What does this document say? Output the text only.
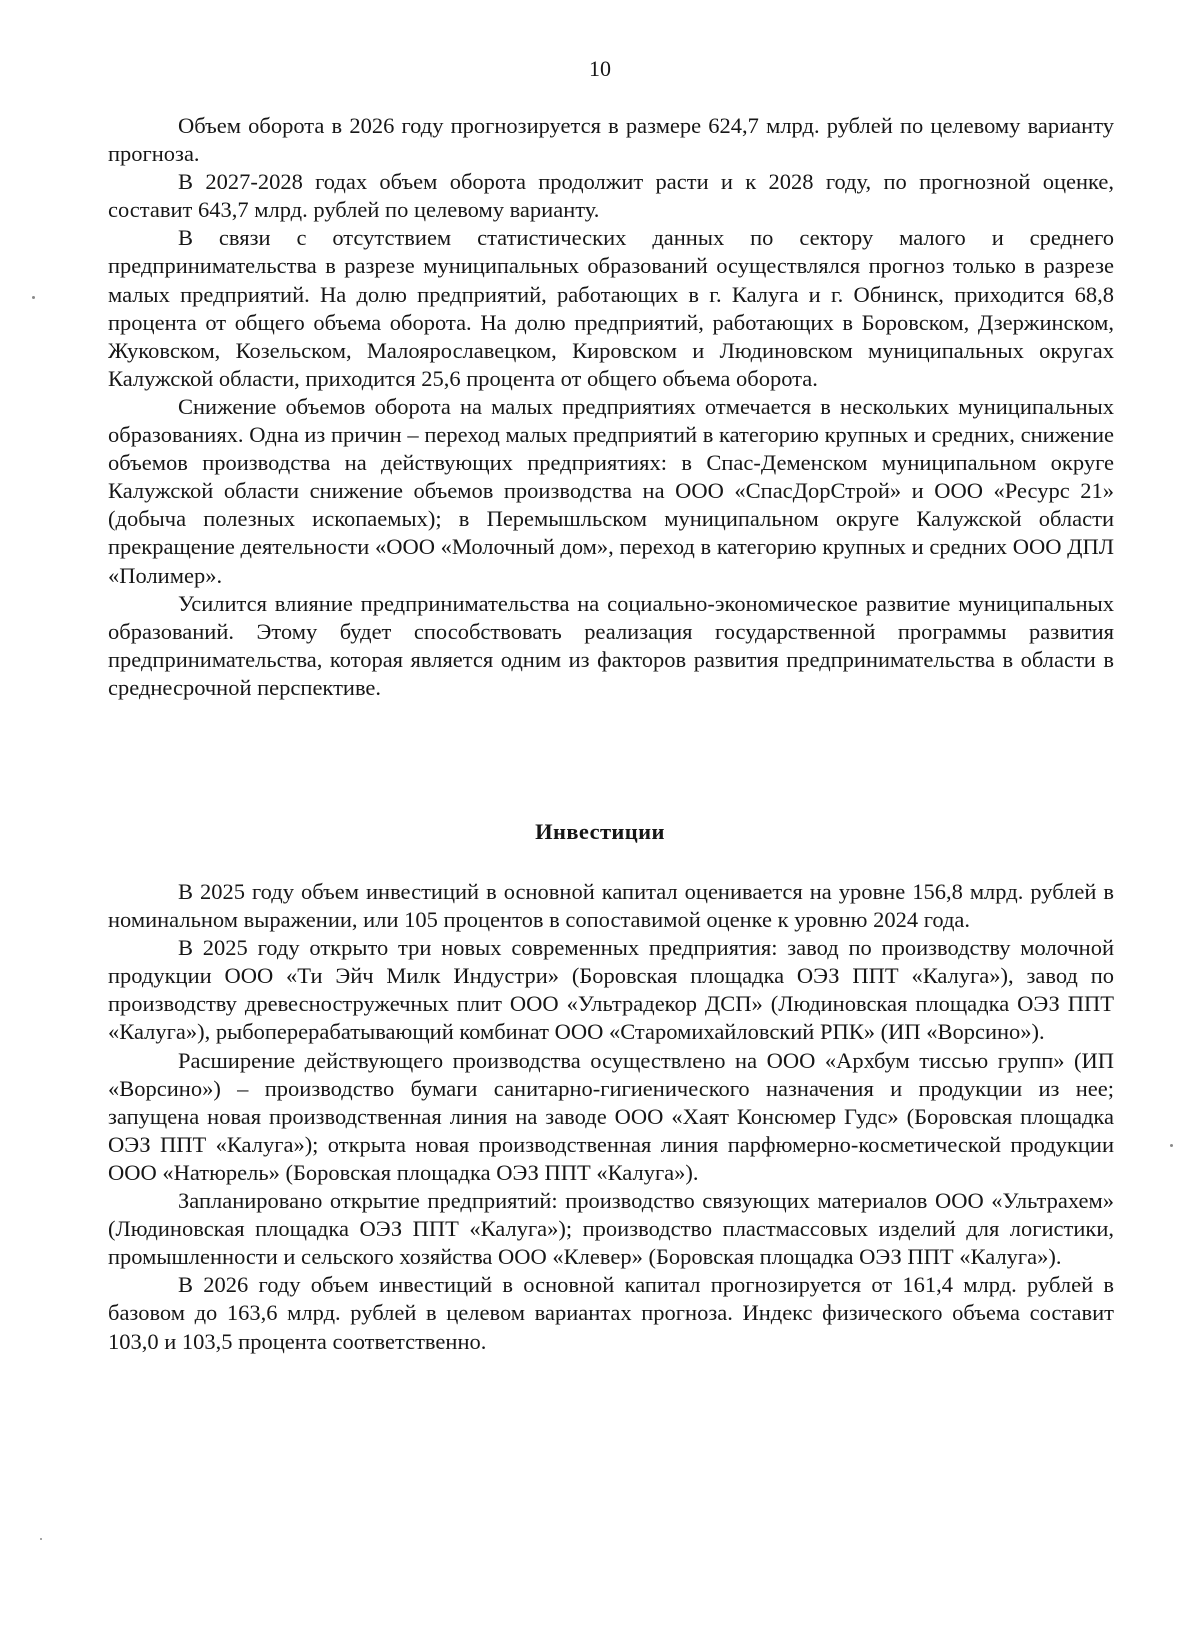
10

Объем оборота в 2026 году прогнозируется в размере 624,7 млрд. рублей по целевому варианту прогноза.

В 2027-2028 годах объем оборота продолжит расти и к 2028 году, по прогнозной оценке, составит 643,7 млрд. рублей по целевому варианту.

В связи с отсутствием статистических данных по сектору малого и среднего предпринимательства в разрезе муниципальных образований осуществлялся прогноз только в разрезе малых предприятий. На долю предприятий, работающих в г. Калуга и г. Обнинск, приходится 68,8 процента от общего объема оборота. На долю предприятий, работающих в Боровском, Дзержинском, Жуковском, Козельском, Малоярославецком, Кировском и Людиновском муниципальных округах Калужской области, приходится 25,6 процента от общего объема оборота.

Снижение объемов оборота на малых предприятиях отмечается в нескольких муниципальных образованиях. Одна из причин – переход малых предприятий в категорию крупных и средних, снижение объемов производства на действующих предприятиях: в Спас-Деменском муниципальном округе Калужской области снижение объемов производства на ООО «СпасДорСтрой» и ООО «Ресурс 21» (добыча полезных ископаемых); в Перемышльском муниципальном округе Калужской области прекращение деятельности «ООО «Молочный дом», переход в категорию крупных и средних ООО ДПЛ «Полимер».

Усилится влияние предпринимательства на социально-экономическое развитие муниципальных образований. Этому будет способствовать реализация государственной программы развития предпринимательства, которая является одним из факторов развития предпринимательства в области в среднесрочной перспективе.

Инвестиции

В 2025 году объем инвестиций в основной капитал оценивается на уровне 156,8 млрд. рублей в номинальном выражении, или 105 процентов в сопоставимой оценке к уровню 2024 года.

В 2025 году открыто три новых современных предприятия: завод по производству молочной продукции ООО «Ти Эйч Милк Индустри» (Боровская площадка ОЭЗ ППТ «Калуга»), завод по производству древесностружечных плит ООО «Ультрадекор ДСП» (Людиновская площадка ОЭЗ ППТ «Калуга»), рыбоперерабатывающий комбинат ООО «Старомихайловский РПК» (ИП «Ворсино»).

Расширение действующего производства осуществлено на ООО «Архбум тиссью групп» (ИП «Ворсино») – производство бумаги санитарно-гигиенического назначения и продукции из нее; запущена новая производственная линия на заводе ООО «Хаят Консюмер Гудс» (Боровская площадка ОЭЗ ППТ «Калуга»); открыта новая производственная линия парфюмерно-косметической продукции ООО «Натюрель» (Боровская площадка ОЭЗ ППТ «Калуга»).

Запланировано открытие предприятий: производство связующих материалов ООО «Ультрахем» (Людиновская площадка ОЭЗ ППТ «Калуга»); производство пластмассовых изделий для логистики, промышленности и сельского хозяйства ООО «Клевер» (Боровская площадка ОЭЗ ППТ «Калуга»).

В 2026 году объем инвестиций в основной капитал прогнозируется от 161,4 млрд. рублей в базовом до 163,6 млрд. рублей в целевом вариантах прогноза. Индекс физического объема составит 103,0 и 103,5 процента соответственно.
